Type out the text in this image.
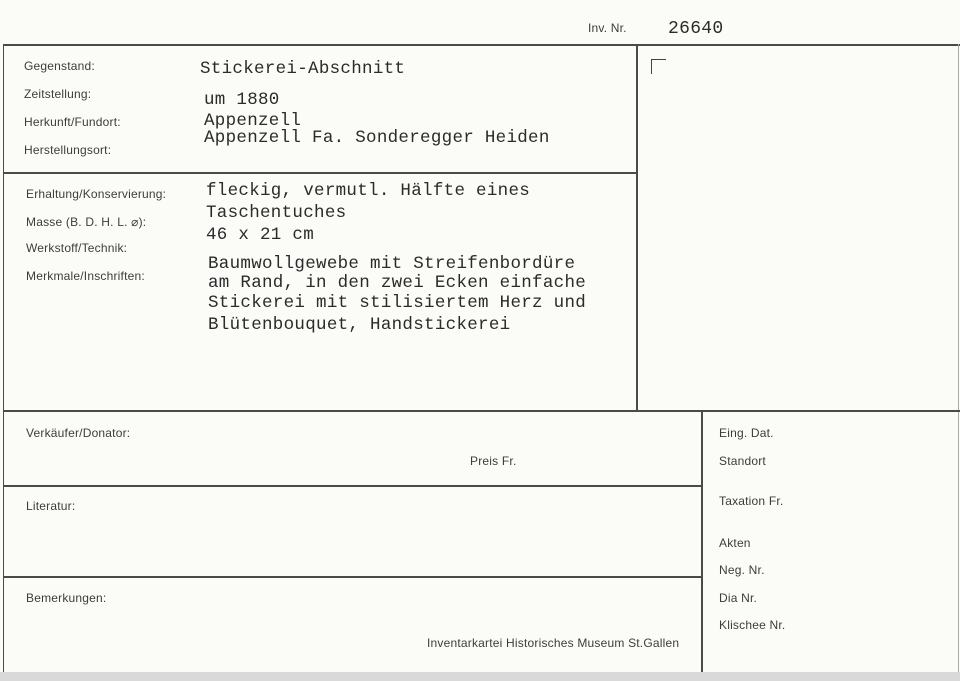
Inv. Nr. 26640
Gegenstand:
Zeitstellung:
Herkunft/Fundort:
Herstellungsort:
Stickerei-Abschnitt
um 1880
Appenzell
Appenzell Fa. Sonderegger Heiden
Erhaltung/Konservierung:
Masse (B. D. H. L. ⌀):
Werkstoff/Technik:
Merkmale/Inschriften:
fleckig, vermutl. Hälfte eines
Taschentuches
46 x 21 cm
Baumwollgewebe mit Streifenbordüre
am Rand, in den zwei Ecken einfache
Stickerei mit stilisiertem Herz und
Blütenbouquet, Handstickerei
Verkäufer/Donator:
Preis Fr.
Literatur:
Bemerkungen:
Inventarkartei Historisches Museum St.Gallen
Eing. Dat.
Standort
Taxation Fr.
Akten
Neg. Nr.
Dia Nr.
Klischee Nr.
